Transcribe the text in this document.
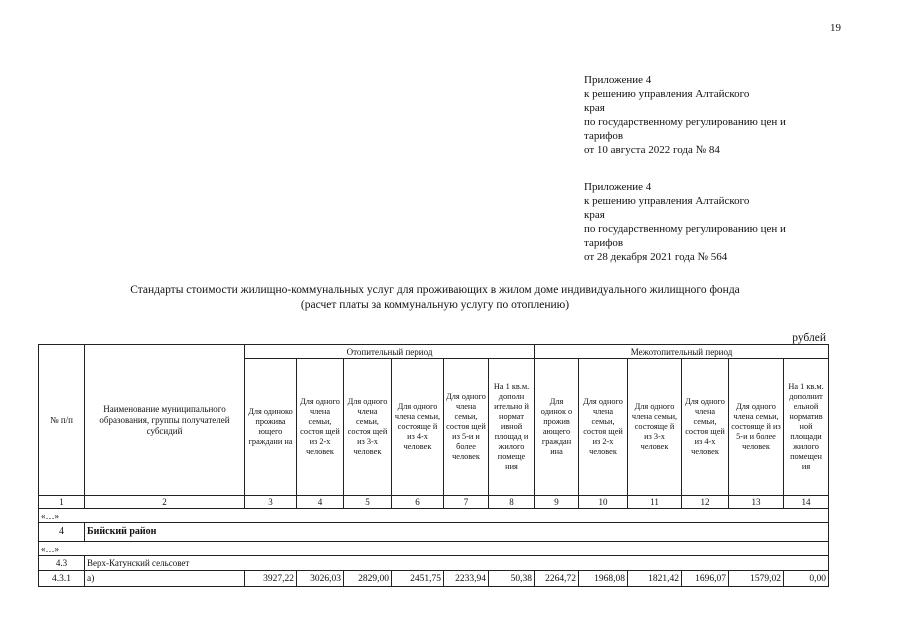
19
Приложение 4
к решению управления Алтайского
края
по государственному регулированию цен и
тарифов
от 10 августа 2022 года № 84
Приложение 4
к решению управления Алтайского
края
по государственному регулированию цен и
тарифов
от 28 декабря 2021 года № 564
Стандарты стоимости жилищно-коммунальных услуг для проживающих в жилом доме индивидуального жилищного фонда
(расчет платы за коммунальную услугу по отоплению)
рублей
№ п/п	Наименование муниципального образования, группы получателей субсидий	Отопительный период						Межотопительный период					
		Для одиноко прожива ющего граждани на	Для одного члена семьи, состоя щей из 2-х человек	Для одного члена семьи, состоя щей из 3-х человек	Для одного члена семьи, состояще й из 4-х человек	Для одного члена семьи, состоя щей из 5-и и более человек	На 1 кв.м. дополн ительно й нормат ивной площад и жилого помеще ния	Для одинок о прожив ающего граждан ина	Для одного члена семьи, состоя щей из 2-х человек	Для одного члена семьи, состояще й из 3-х человек	Для одного члена семьи, состоя щей из 4-х человек	Для одного члена семьи, состояще й из 5-и и более человек	На 1 кв.м. дополнит ельной норматив ной площади жилого помещен ия
1	2	3	4	5	6	7	8	9	10	11	12	13	14
«…»													
4	Бийский район												
«…»													
4.3	Верх-Катунский сельсовет												
4.3.1	а)	3927,22	3026,03	2829,00	2451,75	2233,94	50,38	2264,72	1968,08	1821,42	1696,07	1579,02	0,00
